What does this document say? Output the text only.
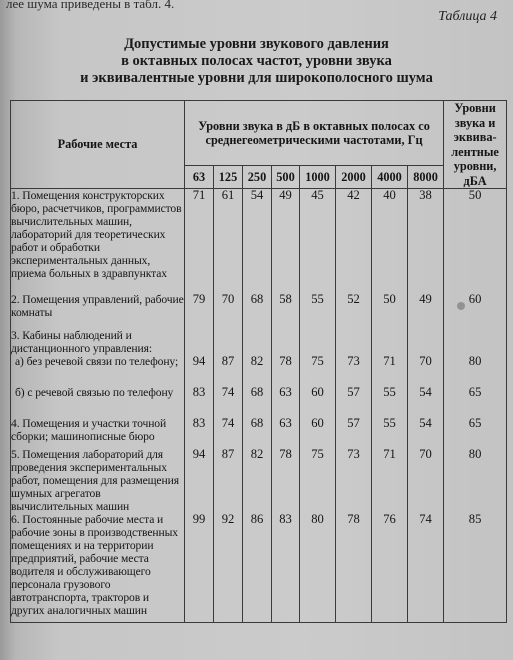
лее шума приведены в табл. 4.
Таблица 4
Допустимые уровни звукового давления
в октавных полосах частот, уровни звука
и эквивалентные уровни для широкополосного шума
Рабочие места	Уровни звука в дБ в октавных полосах со среднегеометрическими частотами, Гц								Уровни звука и эквива- лентные уровни, дБА
	63	125	250	500	1000	2000	4000	8000	
1. Помещения конструкторских бюро, расчетчиков, программистов вычислительных машин, лабораторий для теоретических работ и обработки экспериментальных данных, приема больных в здравпунктах	71	61	54	49	45	42	40	38	50
2. Помещения управлений, рабочие комнаты	79	70	68	58	55	52	50	49	60
3. Кабины наблюдений и дистанционного управления:									

а) без речевой связи по телефону;	94	87	82	78	75	73	71	70	80

б) с речевой связью по телефону	83	74	68	63	60	57	55	54	65
4. Помещения и участки точной сборки; машинописные бюро	83	74	68	63	60	57	55	54	65
5. Помещения лабораторий для проведения экспериментальных работ, помещения для размещения шумных агрегатов вычислительных машин	94	87	82	78	75	73	71	70	80
6. Постоянные рабочие места и рабочие зоны в производственных помещениях и на территории предприятий, рабочие места водителя и обслуживающего персонала грузового автотранспорта, тракторов и других аналогичных машин	99	92	86	83	80	78	76	74	85
